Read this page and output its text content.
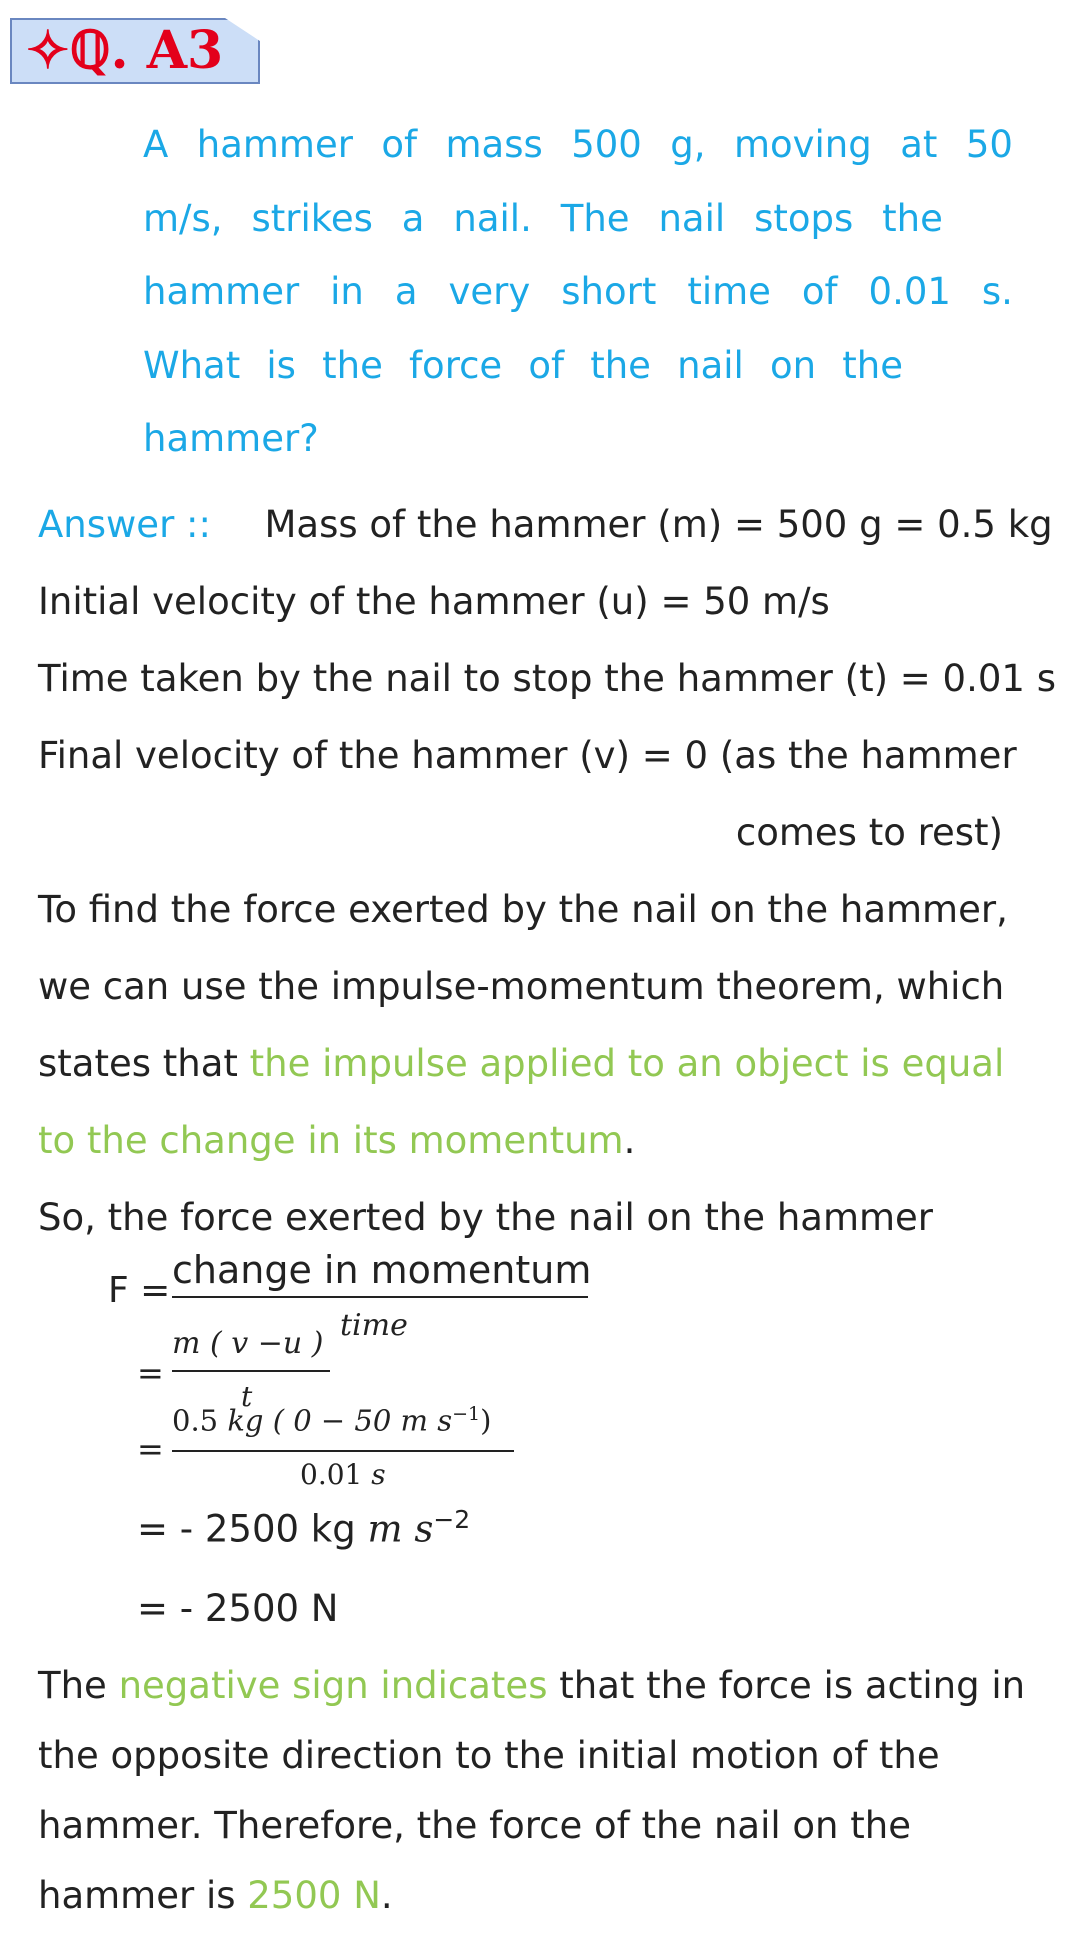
✧ℚ. A3
A hammer of mass 500 g, moving at 50
m/s, strikes a nail. The nail stops the
hammer in a very short time of 0.01 s.
What is the force of the nail on the
hammer?
Answer :: Mass of the hammer (m) = 500 g = 0.5 kg
Initial velocity of the hammer (u) = 50 m/s
Time taken by the nail to stop the hammer (t) = 0.01 s
Final velocity of the hammer (v) = 0 (as the hammer
comes to rest)
To find the force exerted by the nail on the hammer,
we can use the impulse-momentum theorem, which
states that the impulse applied to an object is equal
to the change in its momentum.
So, the force exerted by the nail on the hammer
F = change in momentum
time
=
m ( v −u )
t
=
0.5 kg ( 0 − 50 m $s^{-1}$)
0.01 s
= - 2500 kg m $s^{-2}$
= - 2500 N
The negative sign indicates that the force is acting in
the opposite direction to the initial motion of the
hammer. Therefore, the force of the nail on the
hammer is 2500 N.
